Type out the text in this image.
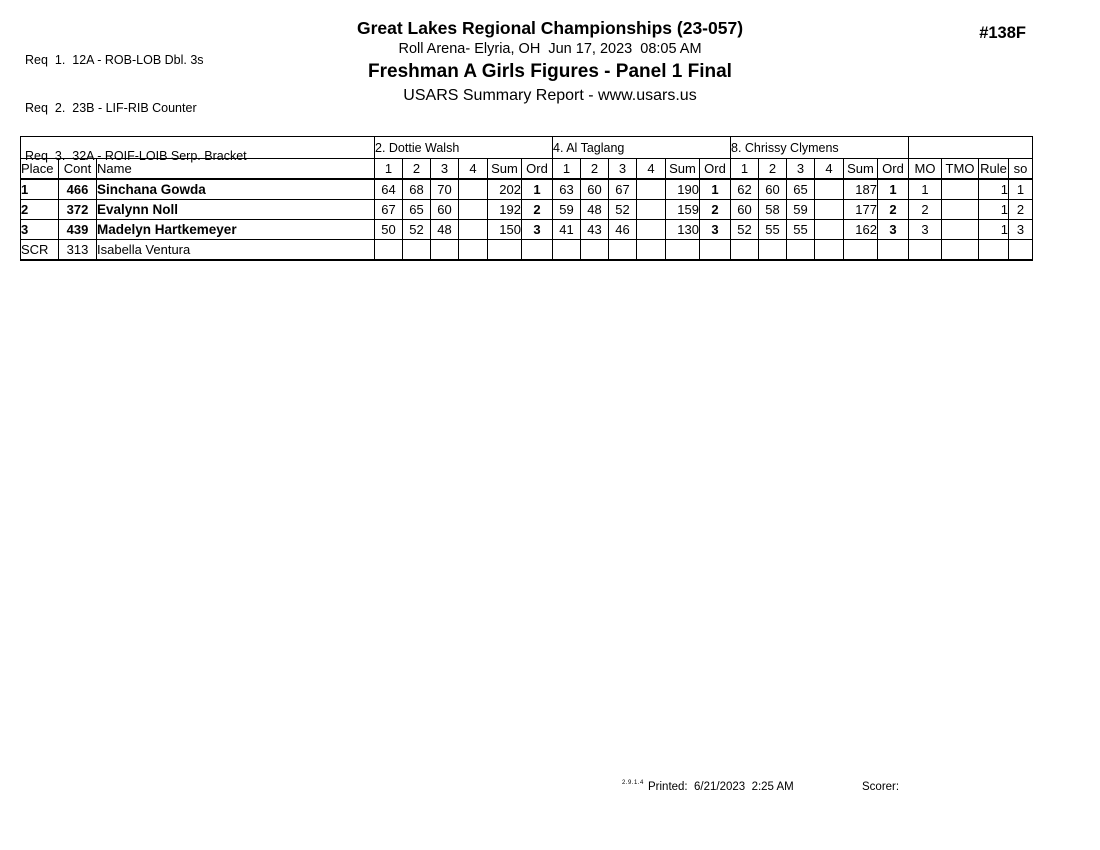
Req  1.  12A - ROB-LOB Dbl. 3s

Req  2.  23B - LIF-RIB Counter

Req  3.  32A - ROIF-LOIB Serp. Bracket

Great Lakes Regional Championships (23-057)
Roll Arena- Elyria, OH  Jun 17, 2023  08:05 AM
Freshman A Girls Figures - Panel 1 Final
USARS Summary Report - www.usars.us
#138F
			2. Dottie Walsh						4. Al Taglang						8. Chrissy Clymens									
Place	Cont	Name	1	2	3	4	Sum	Ord	1	2	3	4	Sum	Ord	1	2	3	4	Sum	Ord	MO	TMO	Rule	so
1	466	Sinchana Gowda	64	68	70		202	1	63	60	67		190	1	62	60	65		187	1	1		1	1
2	372	Evalynn Noll	67	65	60		192	2	59	48	52		159	2	60	58	59		177	2	2		1	2
3	439	Madelyn Hartkemeyer	50	52	48		150	3	41	43	46		130	3	52	55	55		162	3	3		1	3
SCR	313	Isabella Ventura																						
2.9.1.4 Printed:  6/21/2023  2:25 AM	Scorer:
